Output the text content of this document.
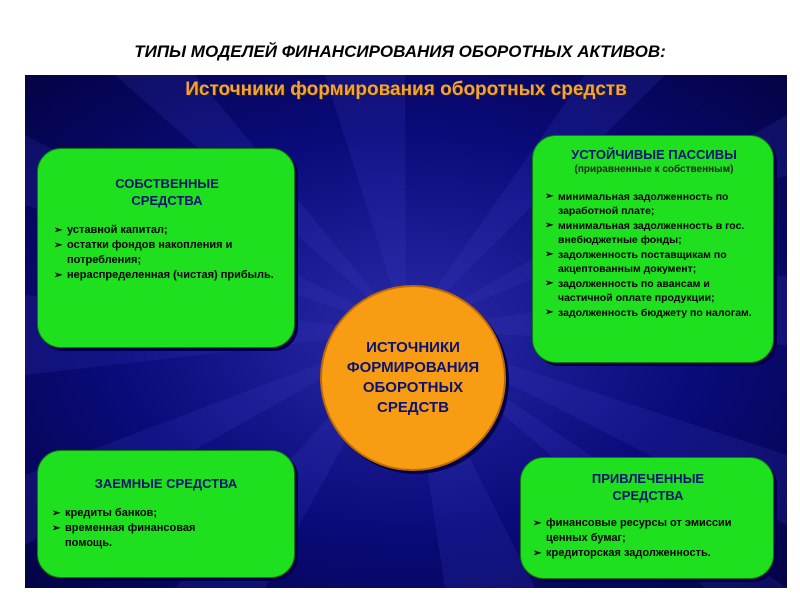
ТИПЫ МОДЕЛЕЙ ФИНАНСИРОВАНИЯ ОБОРОТНЫХ АКТИВОВ:
Источники формирования оборотных средств
СОБСТВЕННЫЕ
СРЕДСТВА
➢ уставной капитал;
➢ остатки фондов накопления и потребления;
➢ нераспределенная (чистая) прибыль.
УСТОЙЧИВЫЕ ПАССИВЫ
(приравненные к собственным)
➢ минимальная задолженность по заработной плате;
➢ минимальная задолженность в гос. внебюджетные фонды;
➢ задолженность поставщикам по акцептованным документ;
➢ задолженность по авансам и частичной оплате продукции;
➢ задолженность бюджету по налогам.
ИСТОЧНИКИ
ФОРМИРОВАНИЯ
ОБОРОТНЫХ
СРЕДСТВ
ЗАЕМНЫЕ СРЕДСТВА
➢ кредиты банков;
➢ временная финансовая помощь.
ПРИВЛЕЧЕННЫЕ
СРЕДСТВА
➢ финансовые ресурсы от эмиссии ценных бумаг;
➢ кредиторская задолженность.
